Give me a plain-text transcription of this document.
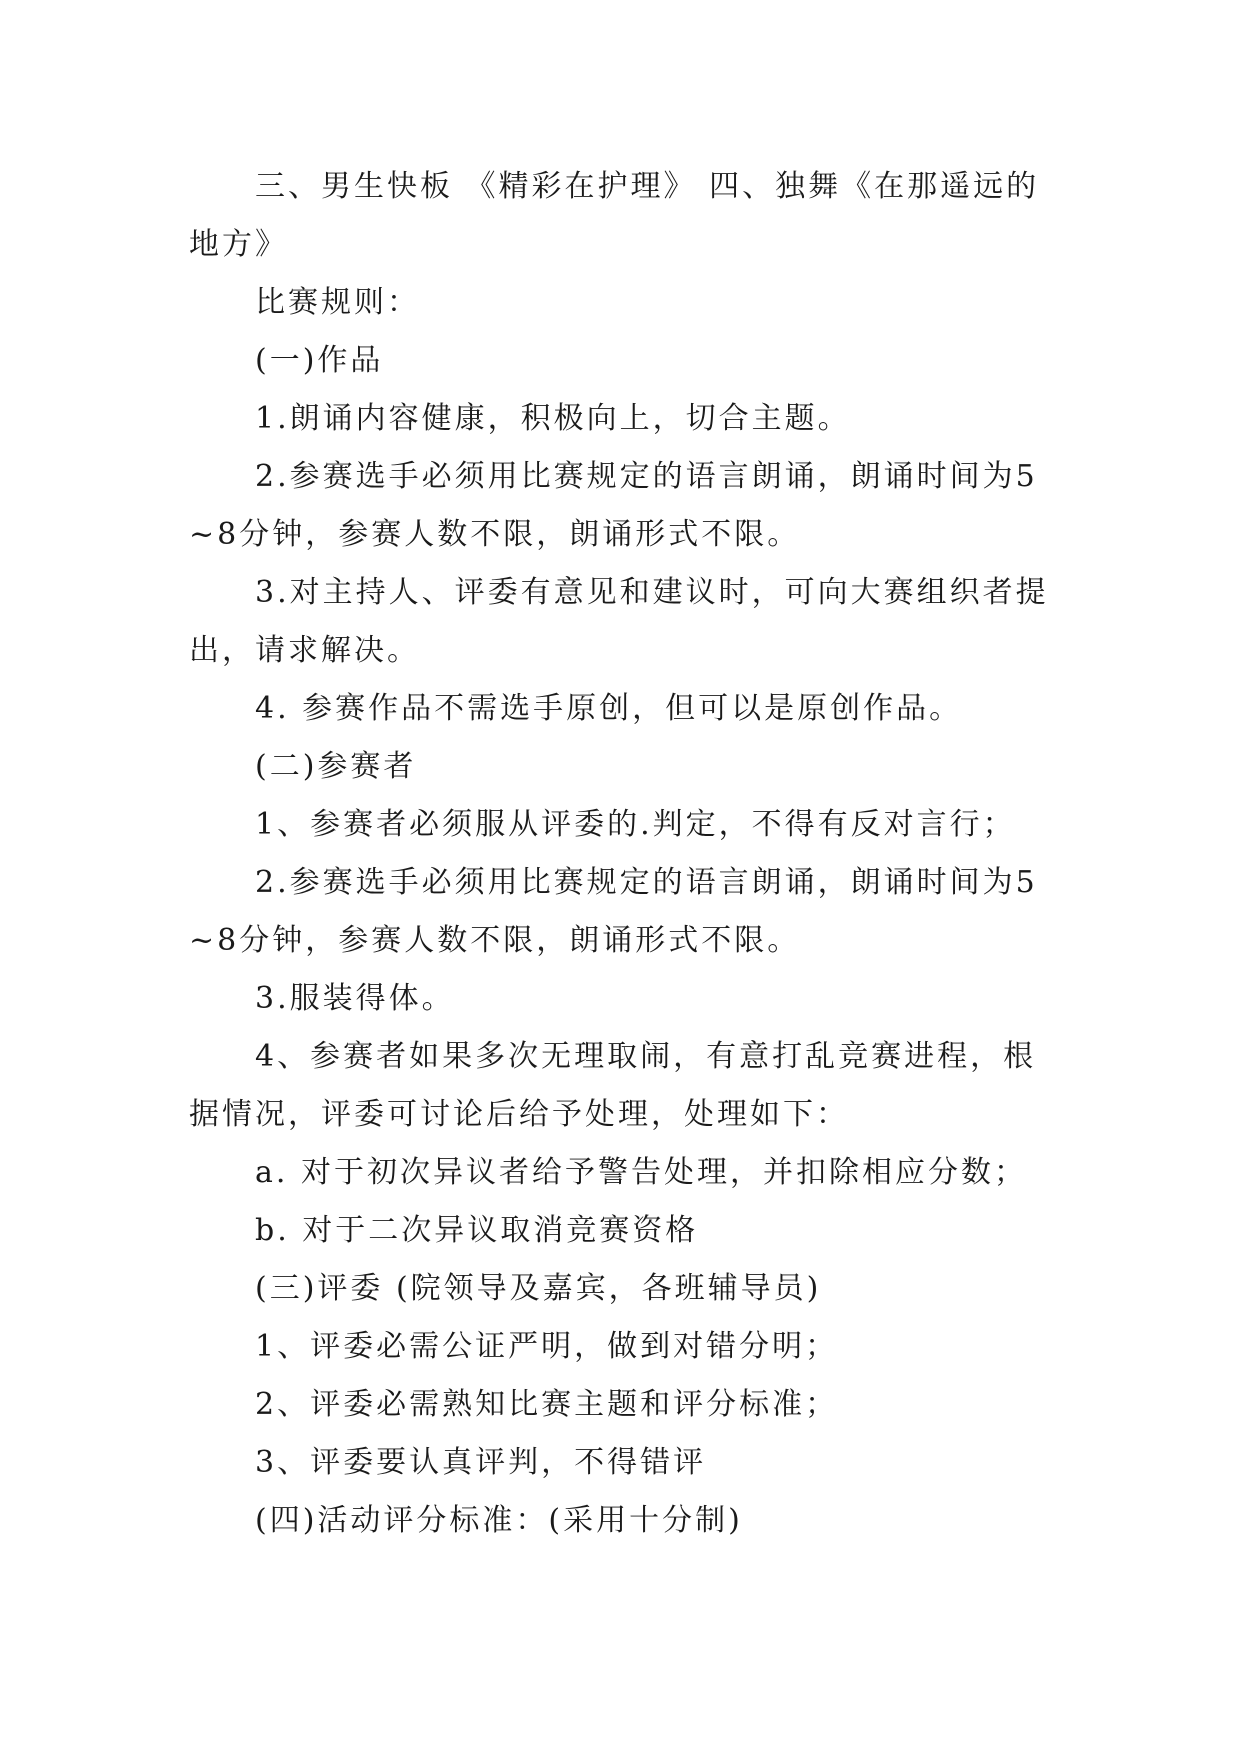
三、男生快板 《精彩在护理》 四、独舞《在那遥远的地方》

比赛规则：

(一)作品

1.朗诵内容健康，积极向上，切合主题。

2.参赛选手必须用比赛规定的语言朗诵，朗诵时间为5~8分钟，参赛人数不限，朗诵形式不限。

3.对主持人、评委有意见和建议时，可向大赛组织者提出，请求解决。

4. 参赛作品不需选手原创，但可以是原创作品。

(二)参赛者

1、参赛者必须服从评委的.判定，不得有反对言行；

2.参赛选手必须用比赛规定的语言朗诵，朗诵时间为5~8分钟，参赛人数不限，朗诵形式不限。

3.服装得体。

4、参赛者如果多次无理取闹，有意打乱竞赛进程，根据情况，评委可讨论后给予处理，处理如下：

a. 对于初次异议者给予警告处理，并扣除相应分数；

b. 对于二次异议取消竞赛资格

(三)评委 (院领导及嘉宾，各班辅导员)

1、评委必需公证严明，做到对错分明；

2、评委必需熟知比赛主题和评分标准；

3、评委要认真评判，不得错评

(四)活动评分标准：(采用十分制)
